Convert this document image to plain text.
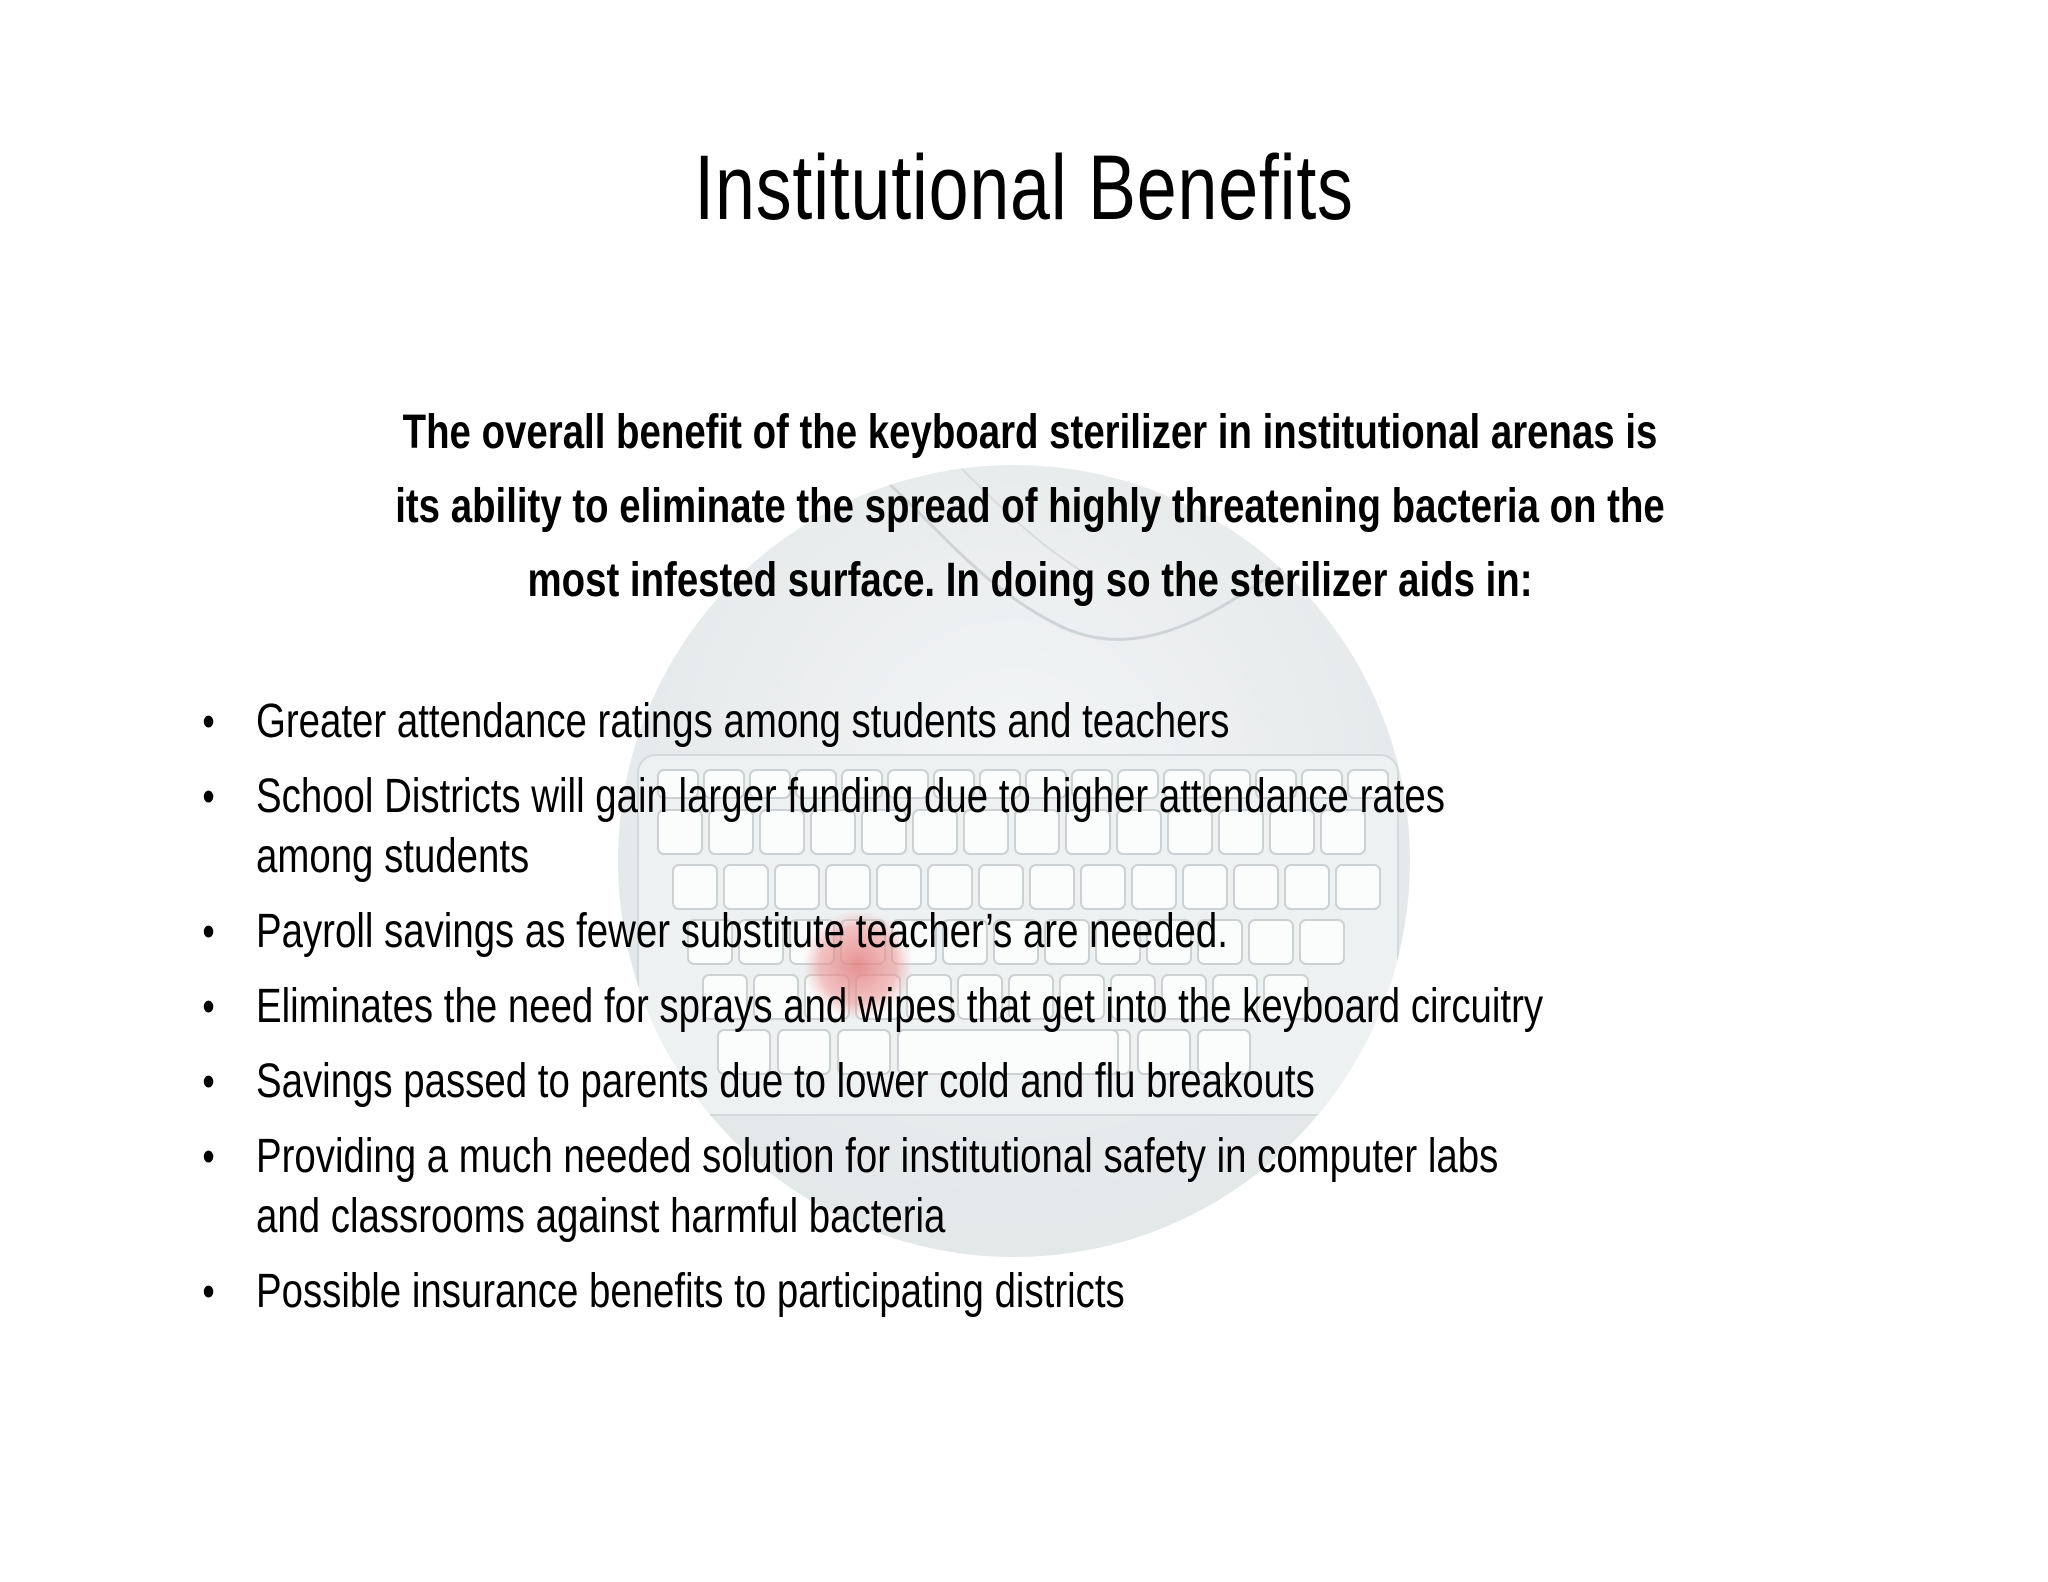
Institutional Benefits

The overall benefit of the keyboard sterilizer in institutional arenas is its ability to eliminate the spread of highly threatening bacteria on the most infested surface. In doing so the sterilizer aids in:

• Greater attendance ratings among students and teachers
• School Districts will gain larger funding due to higher attendance rates among students
• Payroll savings as fewer substitute teacher’s are needed.
• Eliminates the need for sprays and wipes that get into the keyboard circuitry
• Savings passed to parents due to lower cold and flu breakouts
• Providing a much needed solution for institutional safety in computer labs and classrooms against harmful bacteria
• Possible insurance benefits to participating districts
